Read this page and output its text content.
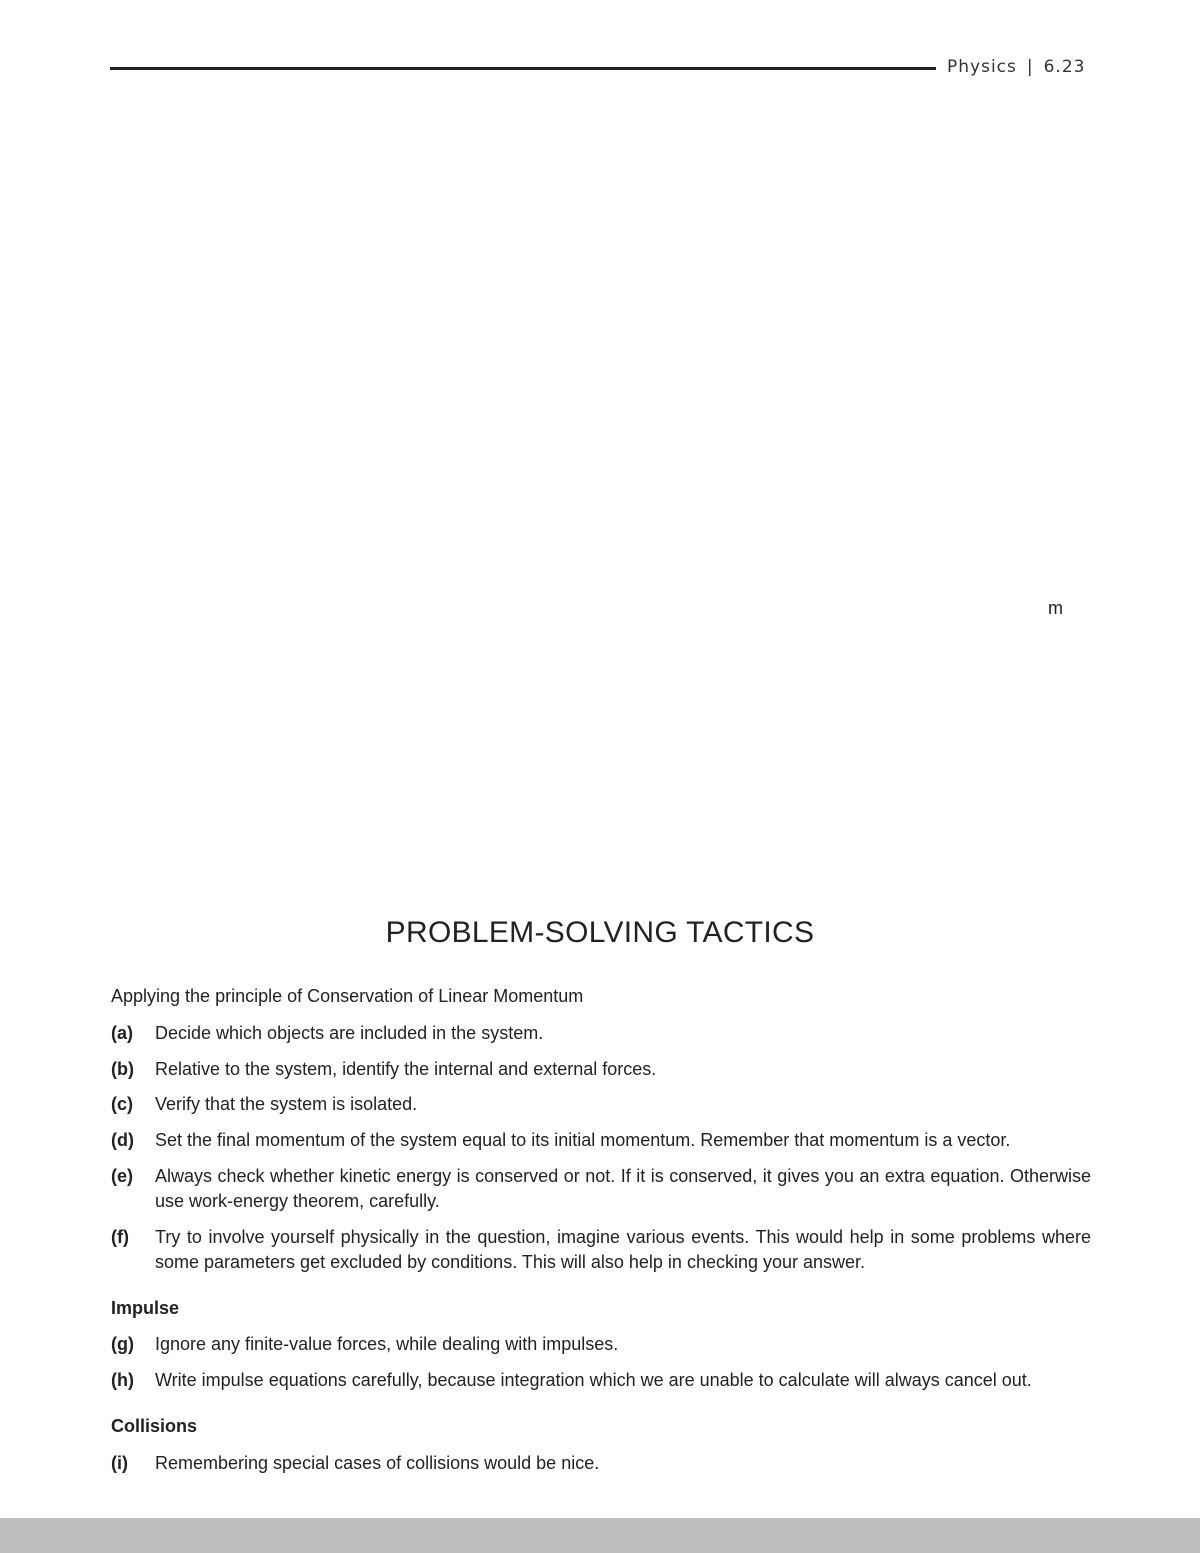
Physics | 6.23
m
PROBLEM-SOLVING TACTICS
Applying the principle of Conservation of Linear Momentum
(a) Decide which objects are included in the system.
(b) Relative to the system, identify the internal and external forces.
(c) Verify that the system is isolated.
(d) Set the final momentum of the system equal to its initial momentum. Remember that momentum is a vector.
(e) Always check whether kinetic energy is conserved or not. If it is conserved, it gives you an extra equation. Otherwise use work-energy theorem, carefully.
(f) Try to involve yourself physically in the question, imagine various events. This would help in some problems where some parameters get excluded by conditions. This will also help in checking your answer.
Impulse
(g) Ignore any finite-value forces, while dealing with impulses.
(h) Write impulse equations carefully, because integration which we are unable to calculate will always cancel out.
Collisions
(i) Remembering special cases of collisions would be nice.
